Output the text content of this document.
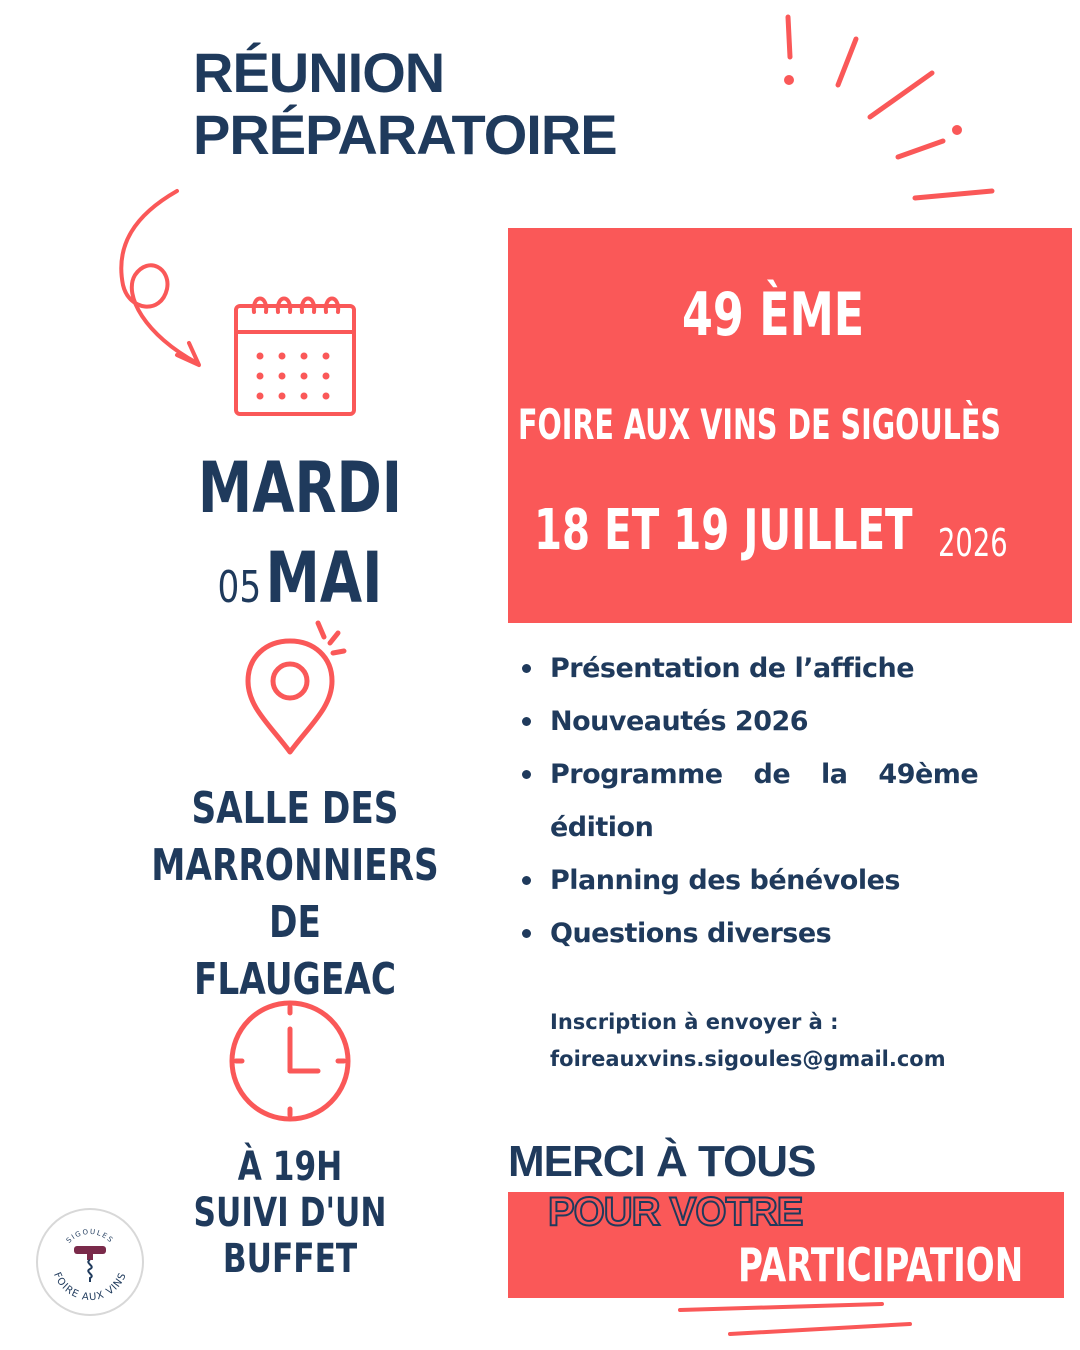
RÉUNION
PRÉPARATOIRE
MARDI
05 MAI
SALLE DES
MARRONNIERS DE
FLAUGEAC
À 19H
SUIVI D'UN
BUFFET
SIGOULES
FOIRE AUX VINS
49 ÈME
FOIRE AUX VINS DE SIGOULÈS
18 ET 19 JUILLET 2026
Présentation de l’affiche
Nouveautés 2026
Programme de la 49ème édition
Planning des bénévoles
Questions diverses
Inscription à envoyer à :
foireauxvins.sigoules@gmail.com
MERCI À TOUS
POUR VOTRE
PARTICIPATION
